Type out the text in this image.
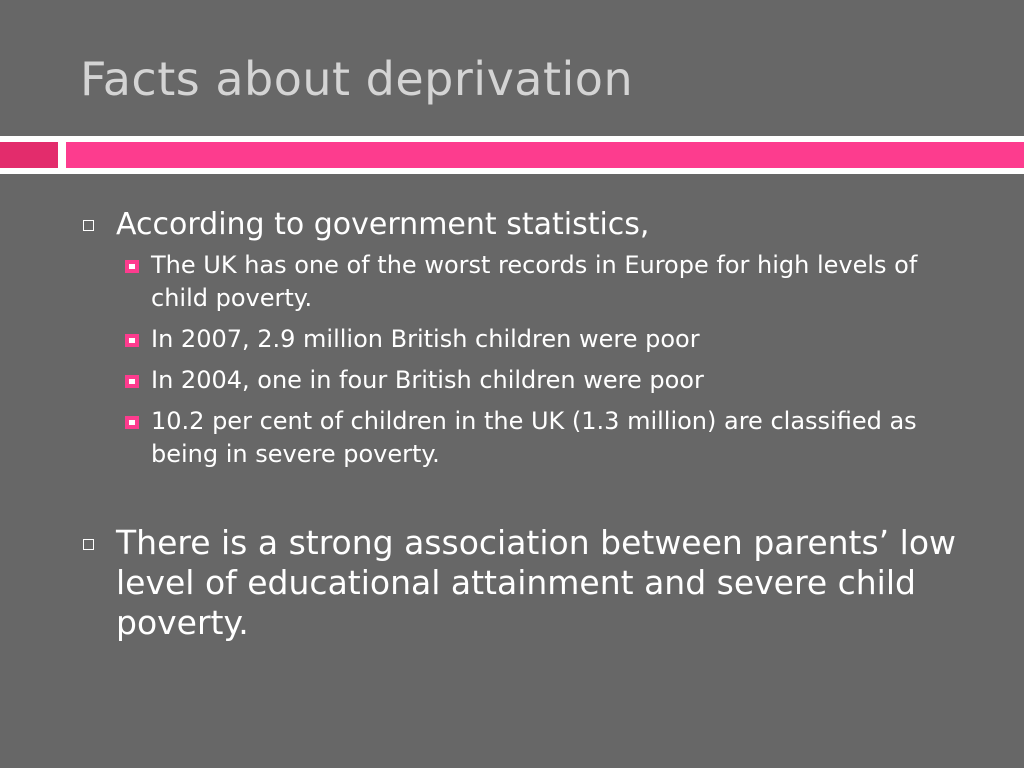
Facts about deprivation
According to government statistics,
The UK has one of the worst records in Europe for high levels of child poverty.
In 2007, 2.9 million British children were poor
In 2004, one in four British children were poor
10.2 per cent of children in the UK (1.3 million) are classified as being in severe poverty.
There is a strong association between parents’ low level of educational attainment and severe child poverty.
